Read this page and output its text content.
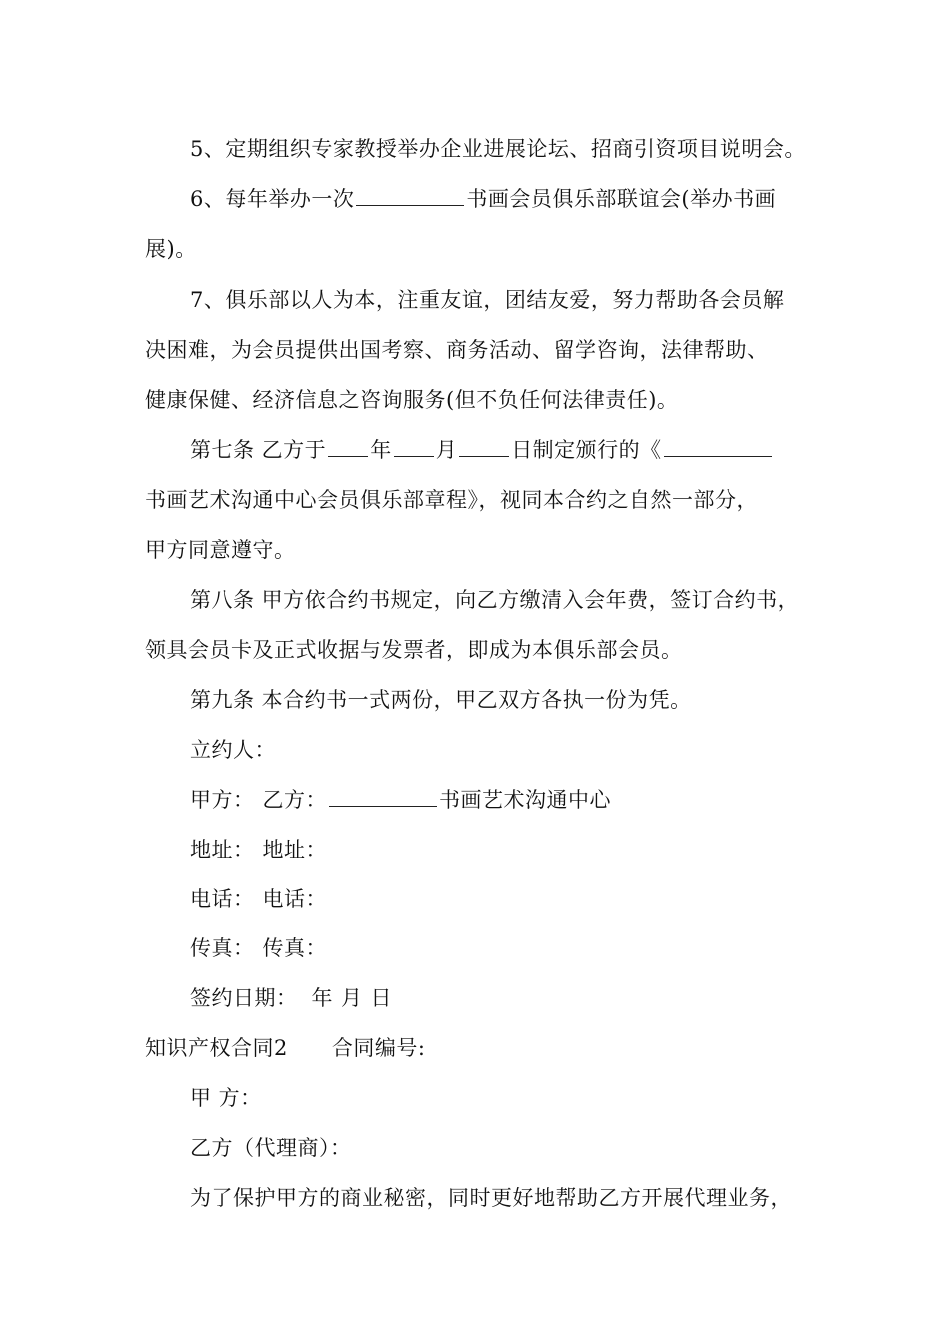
5、定期组织专家教授举办企业进展论坛、招商引资项目说明会。
6、每年举办一次	书画会员俱乐部联谊会(举办书画
展)。
7、俱乐部以人为本，注重友谊，团结友爱，努力帮助各会员解
决困难，为会员提供出国考察、商务活动、留学咨询，法律帮助、
健康保健、经济信息之咨询服务(但不负任何法律责任)。
第七条 乙方于 年 月	日制定颁行的《
书画艺术沟通中心会员俱乐部章程》，视同本合约之自然一部分，
甲方同意遵守。
第八条 甲方依合约书规定，向乙方缴清入会年费，签订合约书，
领具会员卡及正式收据与发票者，即成为本俱乐部会员。
第九条 本合约书一式两份，甲乙双方各执一份为凭。
立约人：
甲方： 乙方：	书画艺术沟通中心
地址： 地址：
电话： 电话：
传真： 传真：
签约日期： 年 月 日
知识产权合同2 合同编号:
甲 方：
乙方（代理商）：
为了保护甲方的商业秘密，同时更好地帮助乙方开展代理业务，
